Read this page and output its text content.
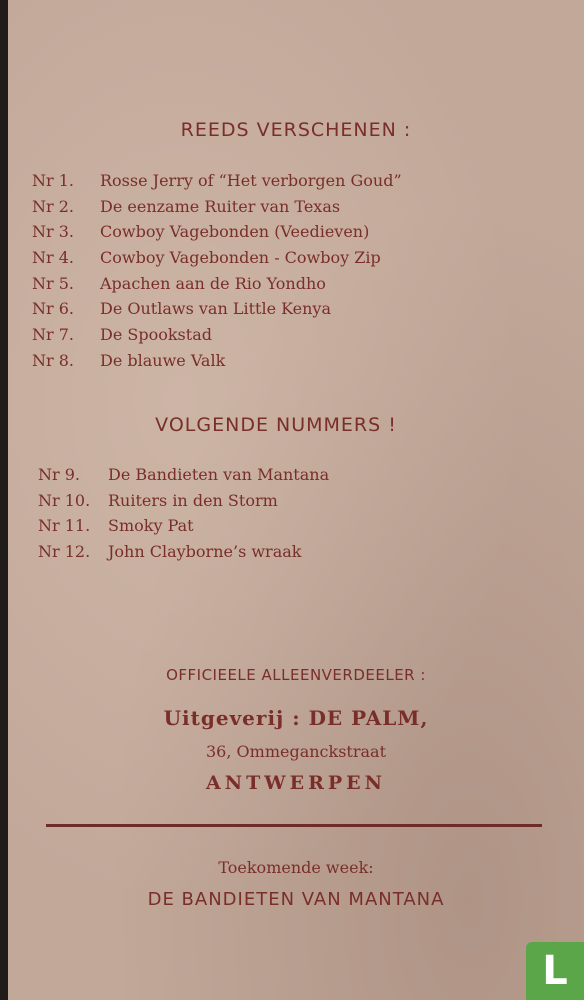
REEDS VERSCHENEN :
Nr 1.	Rosse Jerry of “Het verborgen Goud”
Nr 2.	De eenzame Ruiter van Texas
Nr 3.	Cowboy Vagebonden (Veedieven)
Nr 4.	Cowboy Vagebonden - Cowboy Zip
Nr 5.	Apachen aan de Rio Yondho
Nr 6.	De Outlaws van Little Kenya
Nr 7.	De Spookstad
Nr 8.	De blauwe Valk
VOLGENDE NUMMERS !
Nr 9.	De Bandieten van Mantana
Nr 10.	Ruiters in den Storm
Nr 11.	Smoky Pat
Nr 12.	John Clayborne’s wraak
OFFICIEELE ALLEENVERDEELER :
Uitgeverij : DE PALM,
36, Ommeganckstraat
ANTWERPEN
Toekomende week:
DE BANDIETEN VAN MANTANA
L
